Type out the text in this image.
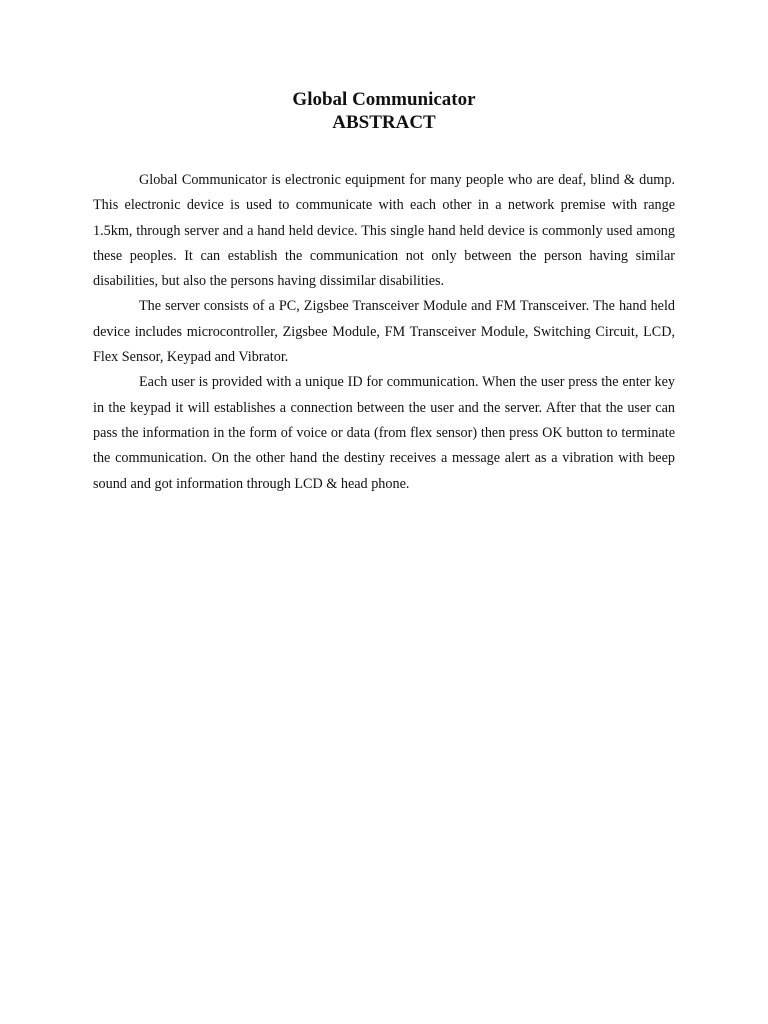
Global Communicator
ABSTRACT

Global Communicator is electronic equipment for many people who are deaf, blind & dump. This electronic device is used to communicate with each other in a network premise with range 1.5km, through server and a hand held device. This single hand held device is commonly used among these peoples. It can establish the communication not only between the person having similar disabilities, but also the persons having dissimilar disabilities.

The server consists of a PC, Zigsbee Transceiver Module and FM Transceiver. The hand held device includes microcontroller, Zigsbee Module, FM Transceiver Module, Switching Circuit, LCD, Flex Sensor, Keypad and Vibrator.

Each user is provided with a unique ID for communication. When the user press the enter key in the keypad it will establishes a connection between the user and the server. After that the user can pass the information in the form of voice or data (from flex sensor) then press OK button to terminate the communication. On the other hand the destiny receives a message alert as a vibration with beep sound and got information through LCD & head phone.
